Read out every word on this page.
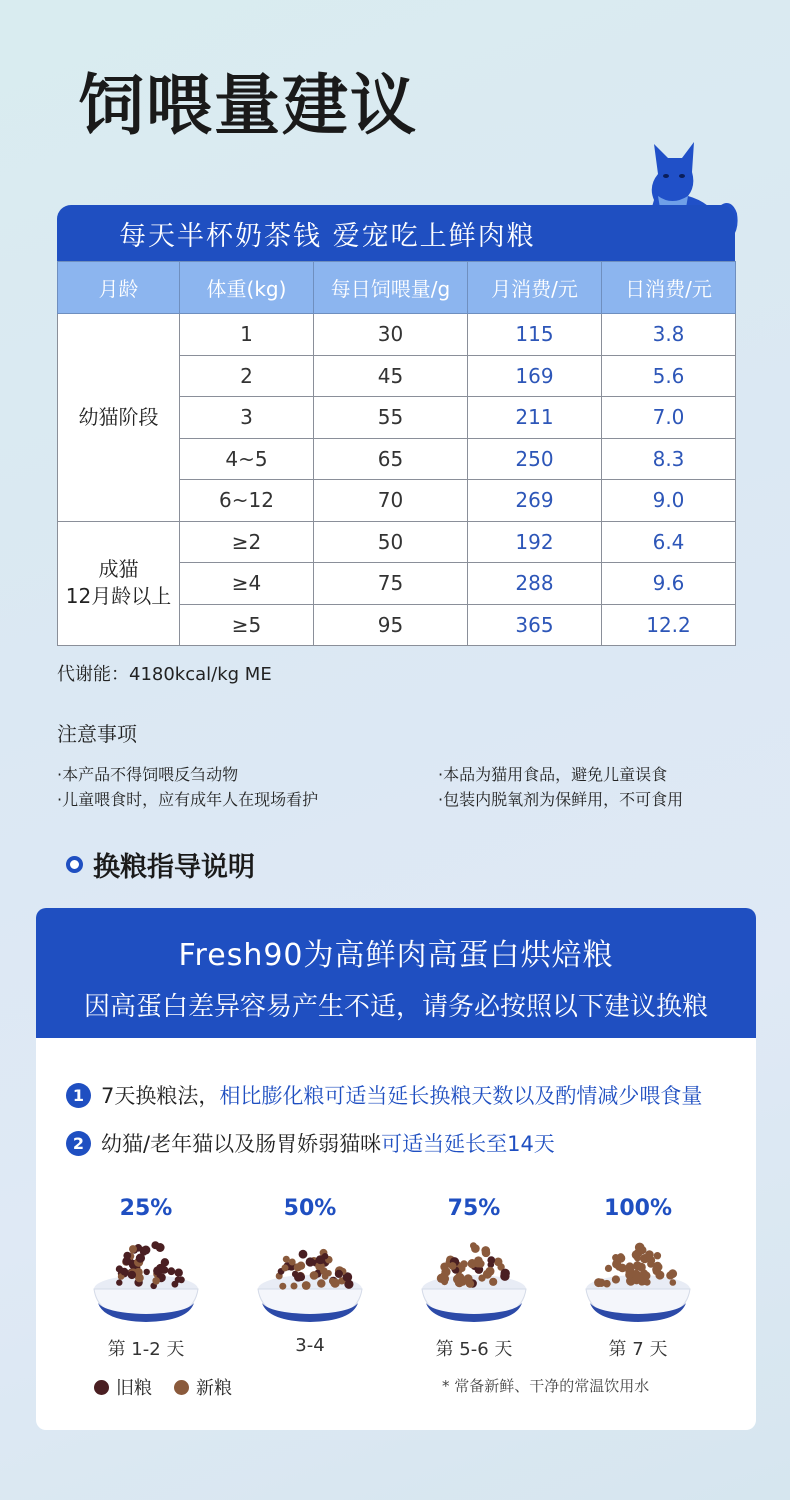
饲喂量建议
每天半杯奶茶钱 爱宠吃上鲜肉粮
月龄	体重(kg)	每日饲喂量/g	月消费/元	日消费/元
幼猫阶段	1	30	115	3.8
	2	45	169	5.6
	3	55	211	7.0
	4~5	65	250	8.3
	6~12	70	269	9.0

成猫
12月龄以上	≥2	50	192	6.4
	≥4	75	288	9.6
	≥5	95	365	12.2
代谢能：4180kcal/kg ME
注意事项
·本产品不得饲喂反刍动物
·儿童喂食时，应有成年人在现场看护
·本品为猫用食品，避免儿童误食
·包装内脱氧剂为保鲜用，不可食用
换粮指导说明
Fresh90为高鲜肉高蛋白烘焙粮
因高蛋白差异容易产生不适，请务必按照以下建议换粮
1 7天换粮法， 相比膨化粮可适当延长换粮天数以及酌情减少喂食量
2 幼猫/老年猫以及肠胃娇弱猫咪 可适当延长至14天
25%
第 1-2 天
50%
3-4
75%
第 5-6 天
100%
第 7 天
旧粮 新粮	* 常备新鲜、干净的常温饮用水
